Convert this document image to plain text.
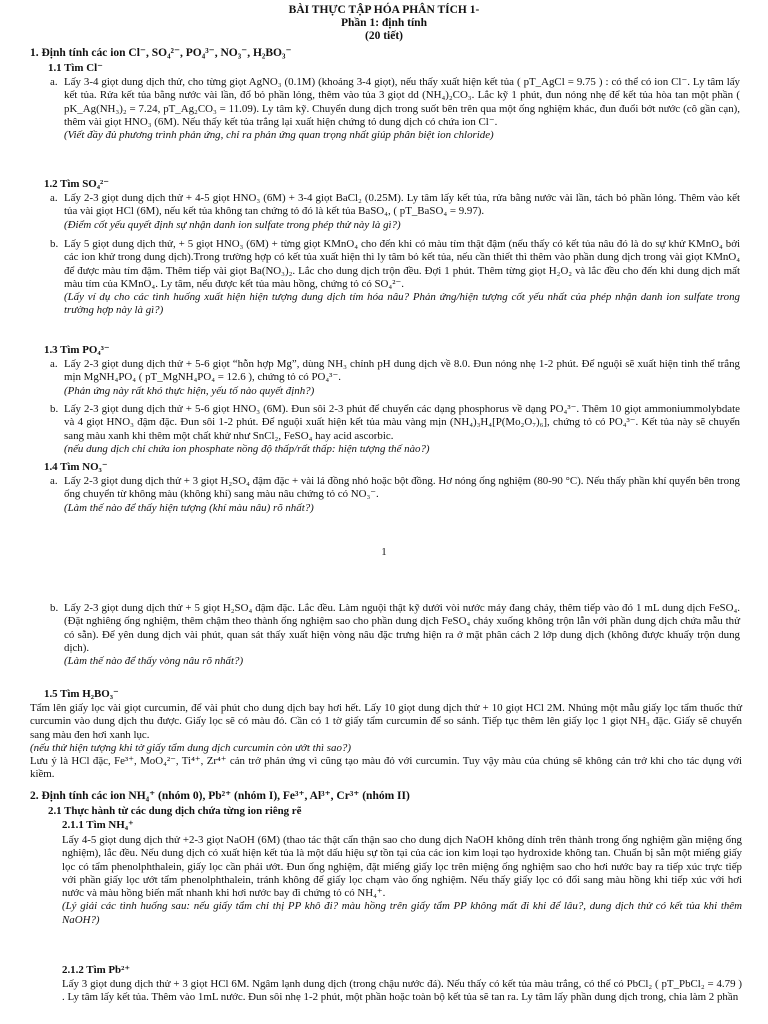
BÀI THỰC TẬP HÓA PHÂN TÍCH 1-
Phần 1: định tính
(20 tiết)
1. Định tính các ion Cl⁻, SO₄²⁻, PO₄³⁻, NO₃⁻, H₂BO₃⁻
1.1 Tìm Cl⁻
a. Lấy 3-4 giọt dung dịch thử, cho từng giọt AgNO₃ (0.1M) (khoảng 3-4 giọt), nếu thấy xuất hiện kết tủa ( pT_AgCl = 9.75 ) : có thể có ion Cl⁻. Ly tâm lấy kết tủa. Rửa kết tủa bằng nước vài lần, đổ bỏ phần lỏng, thêm vào tủa 3 giọt dd (NH₄)₂CO₃. Lắc kỹ 1 phút, đun nóng nhẹ để kết tủa hòa tan một phần ( pK_Ag(NH₃)₂ = 7.24, pT_Ag₂CO₃ = 11.09). Ly tâm kỹ. Chuyển dung dịch trong suốt bên trên qua một ống nghiệm khác, đun đuổi bớt nước (cô gần cạn), thêm vài giọt HNO₃ (6M). Nếu thấy kết tủa trắng lại xuất hiện chứng tỏ dung dịch có chứa ion Cl⁻.
(Viết đầy đủ phương trình phản ứng, chỉ ra phản ứng quan trọng nhất giúp phân biệt ion chloride)
1.2 Tìm SO₄²⁻
a. Lấy 2-3 giọt dung dịch thử + 4-5 giọt HNO₃ (6M) + 3-4 giọt BaCl₂ (0.25M). Ly tâm lấy kết tủa, rửa bằng nước vài lần, tách bỏ phần lỏng. Thêm vào kết tủa vài giọt HCl (6M), nếu kết tủa không tan chứng tỏ đó là kết tủa BaSO₄, ( pT_BaSO₄ = 9.97).
(Điểm cốt yếu quyết định sự nhận danh ion sulfate trong phép thử này là gì?)
b. Lấy 5 giọt dung dịch thử, + 5 giọt HNO₃ (6M) + từng giọt KMnO₄ cho đến khi có màu tím thật đậm (nếu thấy có kết tủa nâu đó là do sự khử KMnO₄ bởi các ion khử trong dung dịch).Trong trường hợp có kết tủa xuất hiện thì ly tâm bỏ kết tủa, nếu cần thiết thì thêm vào phần dung dịch trong vài giọt KMnO₄ để được màu tím đậm. Thêm tiếp vài giọt Ba(NO₃)₂. Lắc cho dung dịch trộn đều. Đợi 1 phút. Thêm từng giọt H₂O₂ và lắc đều cho đến khi dung dịch mất màu tím của KMnO₄. Ly tâm, nếu được kết tủa màu hồng, chứng tỏ có SO₄²⁻.
(Lấy ví dụ cho các tình huống xuất hiện hiện tượng dung dịch tím hóa nâu? Phản ứng/hiện tượng cốt yếu nhất của phép nhận danh ion sulfate trong trường hợp này là gì?)
1.3 Tìm PO₄³⁻
a. Lấy 2-3 giọt dung dịch thử + 5-6 giọt “hỗn hợp Mg”, dùng NH₃ chỉnh pH dung dịch về 8.0. Đun nóng nhẹ 1-2 phút. Để nguội sẽ xuất hiện tinh thể trắng mịn MgNH₄PO₄ ( pT_MgNH₄PO₄ = 12.6 ), chứng tỏ có PO₄³⁻.
(Phản ứng này rất khó thực hiện, yếu tố nào quyết định?)
b. Lấy 2-3 giọt dung dịch thử + 5-6 giọt HNO₃ (6M). Đun sôi 2-3 phút để chuyển các dạng phosphorus về dạng PO₄³⁻. Thêm 10 giọt ammoniummolybdate và 4 giọt HNO₃ đậm đặc. Đun sôi 1-2 phút. Để nguội xuất hiện kết tủa màu vàng mịn (NH₄)₃H₄[P(Mo₂O₇)₆], chứng tỏ có PO₄³⁻. Kết tủa này sẽ chuyển sang màu xanh khi thêm một chất khử như SnCl₂, FeSO₄ hay acid ascorbic.
(nếu dung dịch chỉ chứa ion phosphate nồng độ thấp/rất thấp: hiện tượng thế nào?)
1.4 Tìm NO₃⁻
a. Lấy 2-3 giọt dung dịch thử + 3 giọt H₂SO₄ đậm đặc + vài lá đồng nhỏ hoặc bột đồng. Hơ nóng ống nghiệm (80-90 °C). Nếu thấy phần khí quyển bên trong ống chuyển từ không màu (không khí) sang màu nâu chứng tỏ có NO₃⁻.
(Làm thế nào để thấy hiện tượng (khí màu nâu) rõ nhất?)
1
b. Lấy 2-3 giọt dung dịch thử + 5 giọt H₂SO₄ đậm đặc. Lắc đều. Làm nguội thật kỹ dưới vòi nước máy đang chảy, thêm tiếp vào đó 1 mL dung dịch FeSO₄. (Đặt nghiêng ống nghiệm, thêm chậm theo thành ống nghiệm sao cho phần dung dịch FeSO₄ chảy xuống không trộn lẫn với phần dung dịch chứa mẫu thử có sẵn). Để yên dung dịch vài phút, quan sát thấy xuất hiện vòng nâu đặc trưng hiện ra ở mặt phân cách 2 lớp dung dịch (không được khuấy trộn dung dịch).
(Làm thế nào để thấy vòng nâu rõ nhất?)
1.5 Tìm H₂BO₃⁻
Tẩm lên giấy lọc vài giọt curcumin, để vài phút cho dung dịch bay hơi hết. Lấy 10 giọt dung dịch thử + 10 giọt HCl 2M. Nhúng một mẫu giấy lọc tẩm thuốc thử curcumin vào dung dịch thu được. Giấy lọc sẽ có màu đỏ. Cần có 1 tờ giấy tẩm curcumin để so sánh. Tiếp tục thêm lên giấy lọc 1 giọt NH₃ đặc. Giấy sẽ chuyển sang màu đen hơi xanh lục.
(nếu thử hiện tượng khi tờ giấy tẩm dung dịch curcumin còn ướt thì sao?)
Lưu ý là HCl đặc, Fe³⁺, MoO₄²⁻, Ti⁴⁺, Zr⁴⁺ cản trở phản ứng vì cũng tạo màu đỏ với curcumin. Tuy vậy màu của chúng sẽ không cản trở khi cho tác dụng với kiềm.
2. Định tính các ion NH₄⁺ (nhóm 0), Pb²⁺ (nhóm I), Fe³⁺, Al³⁺, Cr³⁺ (nhóm II)
2.1 Thực hành từ các dung dịch chứa từng ion riêng rẽ
2.1.1 Tìm NH₄⁺
Lấy 4-5 giọt dung dịch thử +2-3 giọt NaOH (6M) (thao tác thật cẩn thận sao cho dung dịch NaOH không dính trên thành trong ống nghiệm gần miệng ống nghiệm), lắc đều. Nếu dung dịch có xuất hiện kết tủa là một dấu hiệu sự tồn tại của các ion kim loại tạo hydroxide không tan. Chuẩn bị sẵn một miếng giấy lọc có tẩm phenolphthalein, giấy lọc cần phải ướt. Đun ống nghiệm, đặt miếng giấy lọc trên miệng ống nghiệm sao cho hơi nước bay ra tiếp xúc trực tiếp với phần giấy lọc ướt tẩm phenolphthalein, tránh không để giấy lọc chạm vào ống nghiệm. Nếu thấy giấy lọc có đổi sang màu hồng khi tiếp xúc với hơi nước và màu hồng biến mất nhanh khi hơi nước bay đi chứng tỏ có NH₄⁺.
(Lý giải các tình huống sau: nếu giấy tẩm chỉ thị PP khô đi? màu hồng trên giấy tẩm PP không mất đi khi để lâu?, dung dịch thử có kết tủa khi thêm NaOH?)
2.1.2 Tìm Pb²⁺
Lấy 3 giọt dung dịch thử + 3 giọt HCl 6M. Ngâm lạnh dung dịch (trong chậu nước đá). Nếu thấy có kết tủa màu trắng, có thể có PbCl₂ ( pT_PbCl₂ = 4.79 ) . Ly tâm lấy kết tủa. Thêm vào 1mL nước. Đun sôi nhẹ 1-2 phút, một phần hoặc toàn bộ kết tủa sẽ tan ra. Ly tâm lấy phần dung dịch trong, chia làm 2 phần
